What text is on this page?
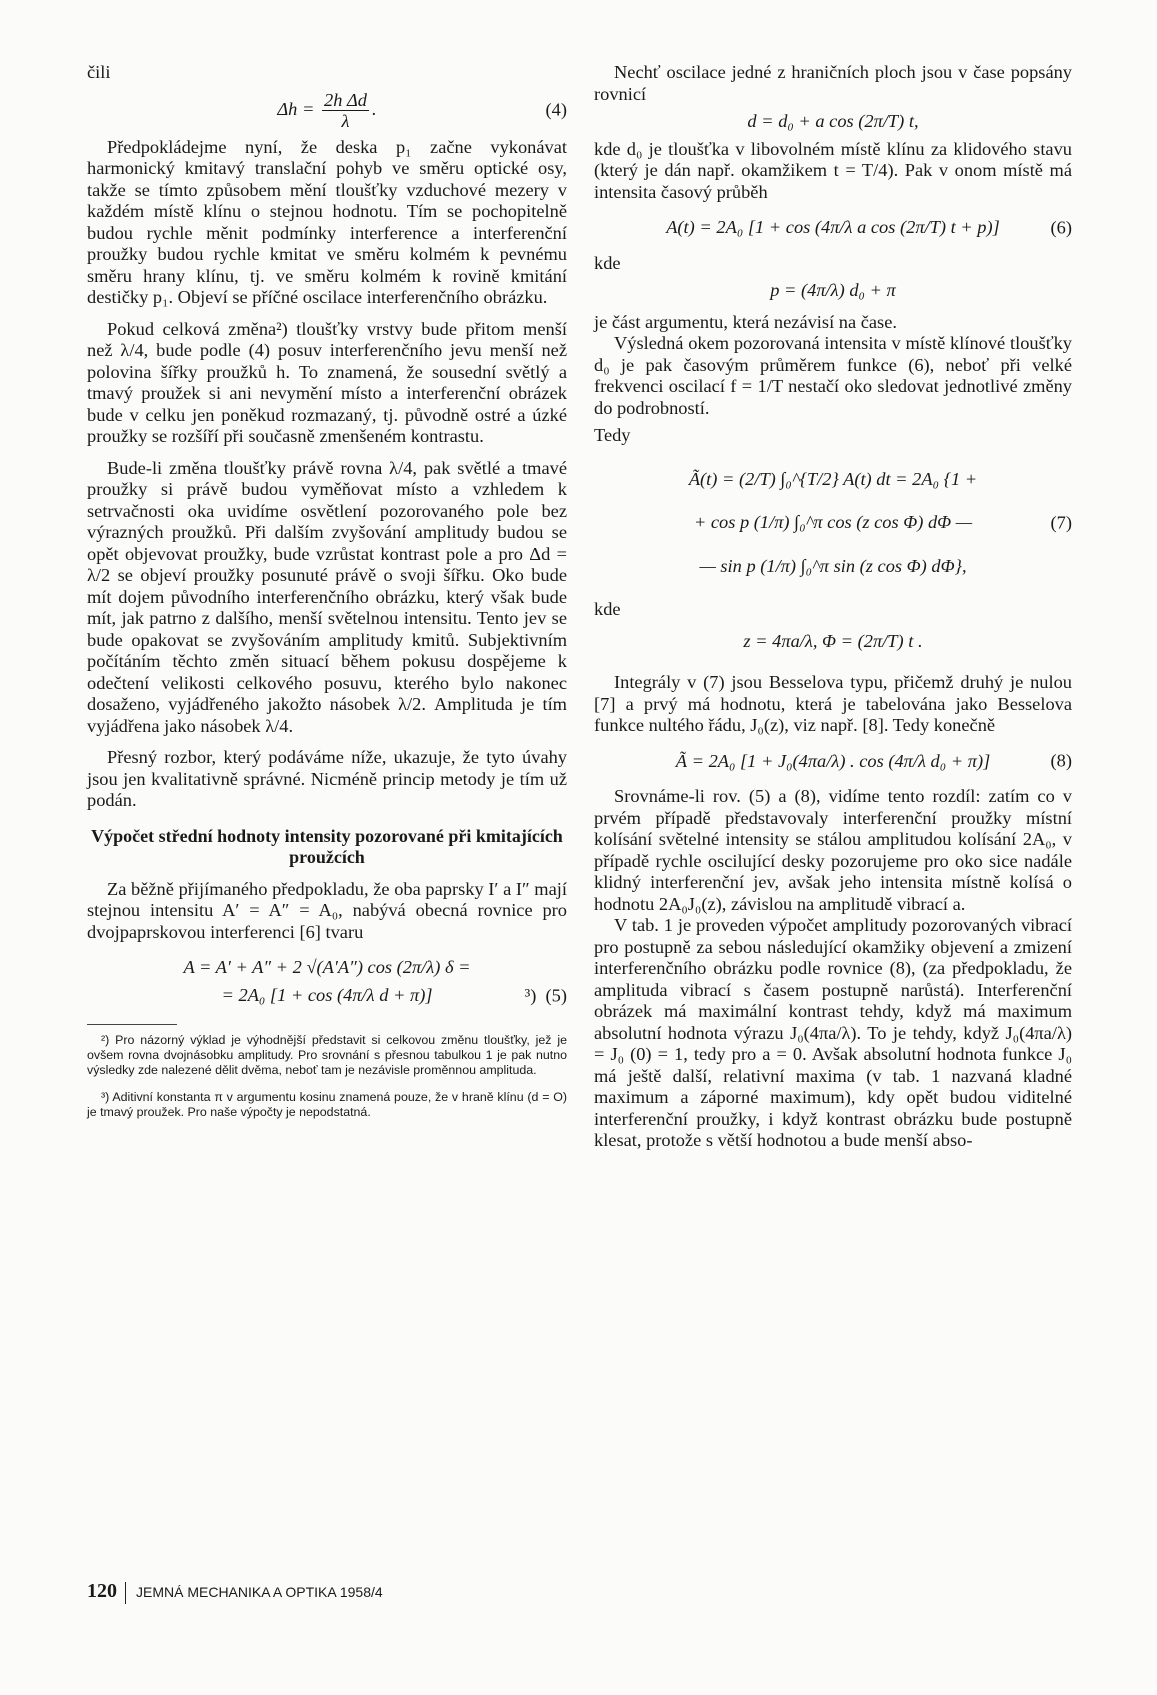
čili

$\Delta h = \frac{\text{2h Δd}}{\lambda}$ .	(4)

Předpokládejme nyní, že deska p₁ začne vykonávat harmonický kmitavý translační pohyb ve směru optické osy, takže se tímto způsobem mění tloušťky vzduchové mezery v každém místě klínu o stejnou hodnotu. Tím se pochopitelně budou rychle měnit podmínky interference a interferenční proužky budou rychle kmitat ve směru kolmém k pevnému směru hrany klínu, tj. ve směru kolmém k rovině kmitání destičky p₁. Objeví se příčné oscilace interferenčního obrázku.

Pokud celková změna²) tloušťky vrstvy bude přitom menší než λ/4, bude podle (4) posuv interferenčního jevu menší než polovina šířky proužků h. To znamená, že sousední světlý a tmavý proužek si ani nevymění místo a interferenční obrázek bude v celku jen poněkud rozmazaný, tj. původně ostré a úzké proužky se rozšíří při současně zmenšeném kontrastu.

Bude-li změna tloušťky právě rovna λ/4, pak světlé a tmavé proužky si právě budou vyměňovat místo a vzhledem k setrvačnosti oka uvidíme osvětlení pozorovaného pole bez výrazných proužků. Při dalším zvyšování amplitudy budou se opět objevovat proužky, bude vzrůstat kontrast pole a pro Δd = λ/2 se objeví proužky posunuté právě o svoji šířku. Oko bude mít dojem původního interferenčního obrázku, který však bude mít, jak patrno z dalšího, menší světelnou intensitu. Tento jev se bude opakovat se zvyšováním amplitudy kmitů. Subjektivním počítáním těchto změn situací během pokusu dospějeme k odečtení velikosti celkového posuvu, kterého bylo nakonec dosaženo, vyjádřeného jakožto násobek λ/2. Amplituda je tím vyjádřena jako násobek λ/4.

Přesný rozbor, který podáváme níže, ukazuje, že tyto úvahy jsou jen kvalitativně správné. Nicméně princip metody je tím už podán.

Výpočet střední hodnoty intensity pozorované při kmitajících proužcích

Za běžně přijímaného předpokladu, že oba paprsky I′ a I″ mají stejnou intensitu A′ = A″ = A₀, nabývá obecná rovnice pro dvojpaprskovou interferenci [6] tvaru

A = A′ + A″ + 2 √(A′A″) cos (2π/λ) δ =
= 2A₀ [1 + cos (4π/λ d + π)]	³) (5)

²) Pro názorný výklad je výhodnější představit si celkovou změnu tloušťky, jež je ovšem rovna dvojnásobku amplitudy. Pro srovnání s přesnou tabulkou 1 je pak nutno výsledky zde nalezené dělit dvěma, neboť tam je nezávisle proměnnou amplituda.

³) Aditivní konstanta π v argumentu kosinu znamená pouze, že v hraně klínu (d = O) je tmavý proužek. Pro naše výpočty je nepodstatná.

Nechť oscilace jedné z hraničních ploch jsou v čase popsány rovnicí

d = d₀ + a cos (2π/T) t,

kde d₀ je tloušťka v libovolném místě klínu za klidového stavu (který je dán např. okamžikem t = T/4). Pak v onom místě má intensita časový průběh

A(t) = 2A₀ [1 + cos (4π/λ a cos (2π/T) t + p)]	(6)

kde

p = (4π/λ) d₀ + π

je část argumentu, která nezávisí na čase.

Výsledná okem pozorovaná intensita v místě klínové tloušťky d₀ je pak časovým průměrem funkce (6), neboť při velké frekvenci oscilací f = 1/T nestačí oko sledovat jednotlivé změny do podrobností.

Tedy

Ã(t) = (2/T) ∫₀^{T/2} A(t) dt = 2A₀ {1 +
+ cos p (1/π) ∫₀^π cos (z cos Φ) dΦ —	(7)
— sin p (1/π) ∫₀^π sin (z cos Φ) dΦ},

kde

z = 4πa/λ, Φ = (2π/T) t .

Integrály v (7) jsou Besselova typu, přičemž druhý je nulou [7] a prvý má hodnotu, která je tabelována jako Besselova funkce nultého řádu, J₀(z), viz např. [8]. Tedy konečně

Ã = 2A₀ [1 + J₀(4πa/λ) . cos (4π/λ d₀ + π)]	(8)

Srovnáme-li rov. (5) a (8), vidíme tento rozdíl: zatím co v prvém případě představovaly interferenční proužky místní kolísání světelné intensity se stálou amplitudou kolísání 2A₀, v případě rychle oscilující desky pozorujeme pro oko sice nadále klidný interferenční jev, avšak jeho intensita místně kolísá o hodnotu 2A₀J₀(z), závislou na amplitudě vibrací a.

V tab. 1 je proveden výpočet amplitudy pozorovaných vibrací pro postupně za sebou následující okamžiky objevení a zmizení interferenčního obrázku podle rovnice (8), (za předpokladu, že amplituda vibrací s časem postupně narůstá). Interferenční obrázek má maximální kontrast tehdy, když má maximum absolutní hodnota výrazu J₀(4πa/λ). To je tehdy, když J₀(4πa/λ) = J₀ (0) = 1, tedy pro a = 0. Avšak absolutní hodnota funkce J₀ má ještě další, relativní maxima (v tab. 1 nazvaná kladné maximum a záporné maximum), kdy opět budou viditelné interferenční proužky, i když kontrast obrázku bude postupně klesat, protože s větší hodnotou a bude menší abso-

120 JEMNÁ MECHANIKA A OPTIKA 1958/4
